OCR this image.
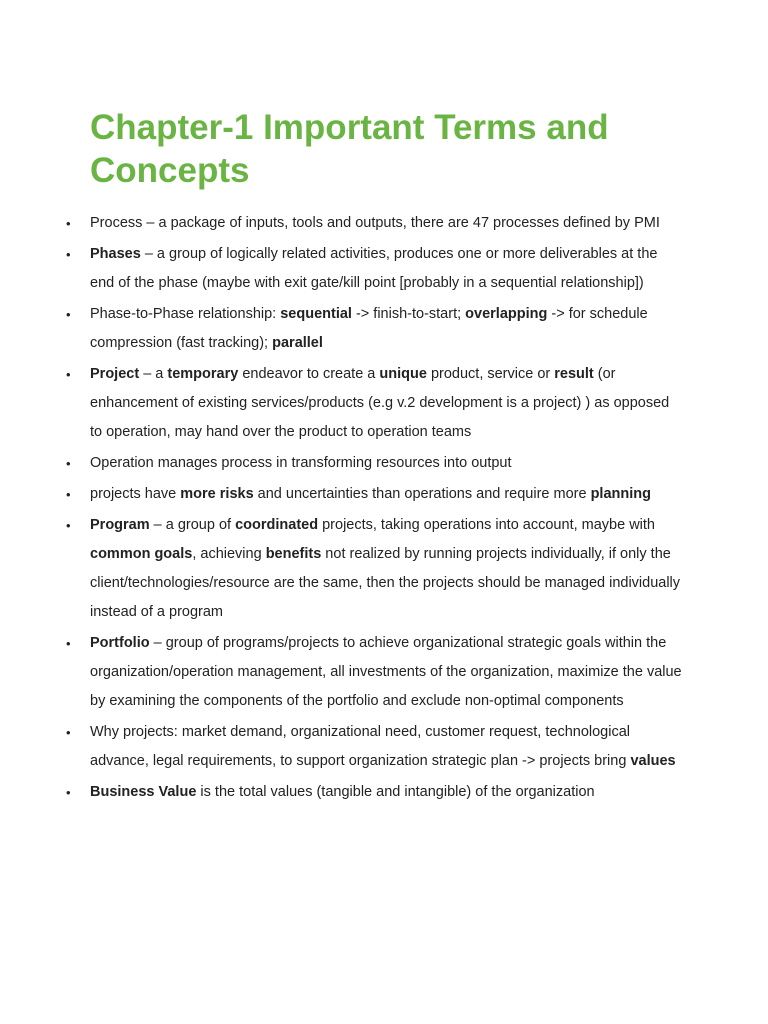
Chapter-1 Important Terms and Concepts
• Process – a package of inputs, tools and outputs, there are 47 processes defined by PMI
• Phases – a group of logically related activities, produces one or more deliverables at the end of the phase (maybe with exit gate/kill point [probably in a sequential relationship])
• Phase-to-Phase relationship: sequential -> finish-to-start; overlapping -> for schedule compression (fast tracking); parallel
• Project – a temporary endeavor to create a unique product, service or result (or enhancement of existing services/products (e.g v.2 development is a project) ) as opposed to operation, may hand over the product to operation teams
• Operation manages process in transforming resources into output
• projects have more risks and uncertainties than operations and require more planning
• Program – a group of coordinated projects, taking operations into account, maybe with common goals, achieving benefits not realized by running projects individually, if only the client/technologies/resource are the same, then the projects should be managed individually instead of a program
• Portfolio – group of programs/projects to achieve organizational strategic goals within the organization/operation management, all investments of the organization, maximize the value by examining the components of the portfolio and exclude non-optimal components
• Why projects: market demand, organizational need, customer request, technological advance, legal requirements, to support organization strategic plan -> projects bring values
• Business Value is the total values (tangible and intangible) of the organization
